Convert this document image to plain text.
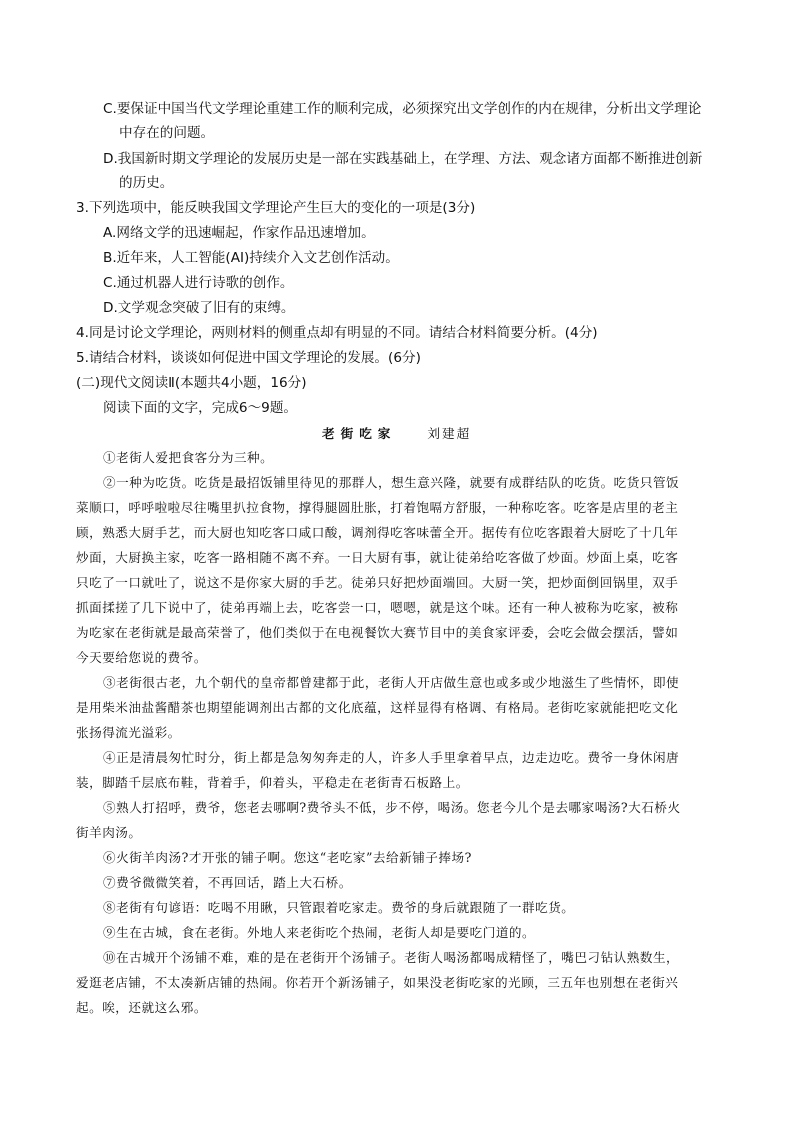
C.要保证中国当代文学理论重建工作的顺利完成，必须探究出文学创作的内在规律，分析出文学理论
中存在的问题。
D.我国新时期文学理论的发展历史是一部在实践基础上，在学理、方法、观念诸方面都不断推进创新
的历史。
3.下列选项中，能反映我国文学理论产生巨大的变化的一项是(3分)
A.网络文学的迅速崛起，作家作品迅速增加。
B.近年来，人工智能(AI)持续介入文艺创作活动。
C.通过机器人进行诗歌的创作。
D.文学观念突破了旧有的束缚。
4.同是讨论文学理论，两则材料的侧重点却有明显的不同。请结合材料简要分析。(4分)
5.请结合材料，谈谈如何促进中国文学理论的发展。(6分)
(二)现代文阅读Ⅱ(本题共4小题，16分)
阅读下面的文字，完成6～9题。
老街吃家 刘建超
①老街人爱把食客分为三种。
②一种为吃货。吃货是最招饭铺里待见的那群人，想生意兴隆，就要有成群结队的吃货。吃货只管饭
菜顺口，呼呼啦啦尽往嘴里扒拉食物，撑得腿圆肚胀，打着饱嗝方舒服，一种称吃客。吃客是店里的老主
顾，熟悉大厨手艺，而大厨也知吃客口咸口酸，调剂得吃客味蕾全开。据传有位吃客跟着大厨吃了十几年
炒面，大厨换主家，吃客一路相随不离不弃。一日大厨有事，就让徒弟给吃客做了炒面。炒面上桌，吃客
只吃了一口就吐了，说这不是你家大厨的手艺。徒弟只好把炒面端回。大厨一笑，把炒面倒回锅里，双手
抓面揉搓了几下说中了，徒弟再端上去，吃客尝一口，嗯嗯，就是这个味。还有一种人被称为吃家，被称
为吃家在老街就是最高荣誉了，他们类似于在电视餐饮大赛节目中的美食家评委，会吃会做会摆活，譬如
今天要给您说的费爷。
③老街很古老，九个朝代的皇帝都曾建都于此，老街人开店做生意也或多或少地滋生了些情怀，即使
是用柴米油盐酱醋茶也期望能调剂出古都的文化底蕴，这样显得有格调、有格局。老街吃家就能把吃文化
张扬得流光溢彩。
④正是清晨匆忙时分，街上都是急匆匆奔走的人，许多人手里拿着早点，边走边吃。费爷一身休闲唐
装，脚踏千层底布鞋，背着手，仰着头，平稳走在老街青石板路上。
⑤熟人打招呼，费爷，您老去哪啊?费爷头不低，步不停，喝汤。您老今儿个是去哪家喝汤?大石桥火
街羊肉汤。
⑥火街羊肉汤?才开张的铺子啊。您这“老吃家”去给新铺子捧场?
⑦费爷微微笑着，不再回话，踏上大石桥。
⑧老街有句谚语：吃喝不用瞅，只管跟着吃家走。费爷的身后就跟随了一群吃货。
⑨生在古城，食在老街。外地人来老街吃个热闹，老街人却是要吃门道的。
⑩在古城开个汤铺不难，难的是在老街开个汤铺子。老街人喝汤都喝成精怪了，嘴巴刁钻认熟数生，
爱逛老店铺，不太凑新店铺的热闹。你若开个新汤铺子，如果没老街吃家的光顾，三五年也别想在老街兴
起。唉，还就这么邪。
